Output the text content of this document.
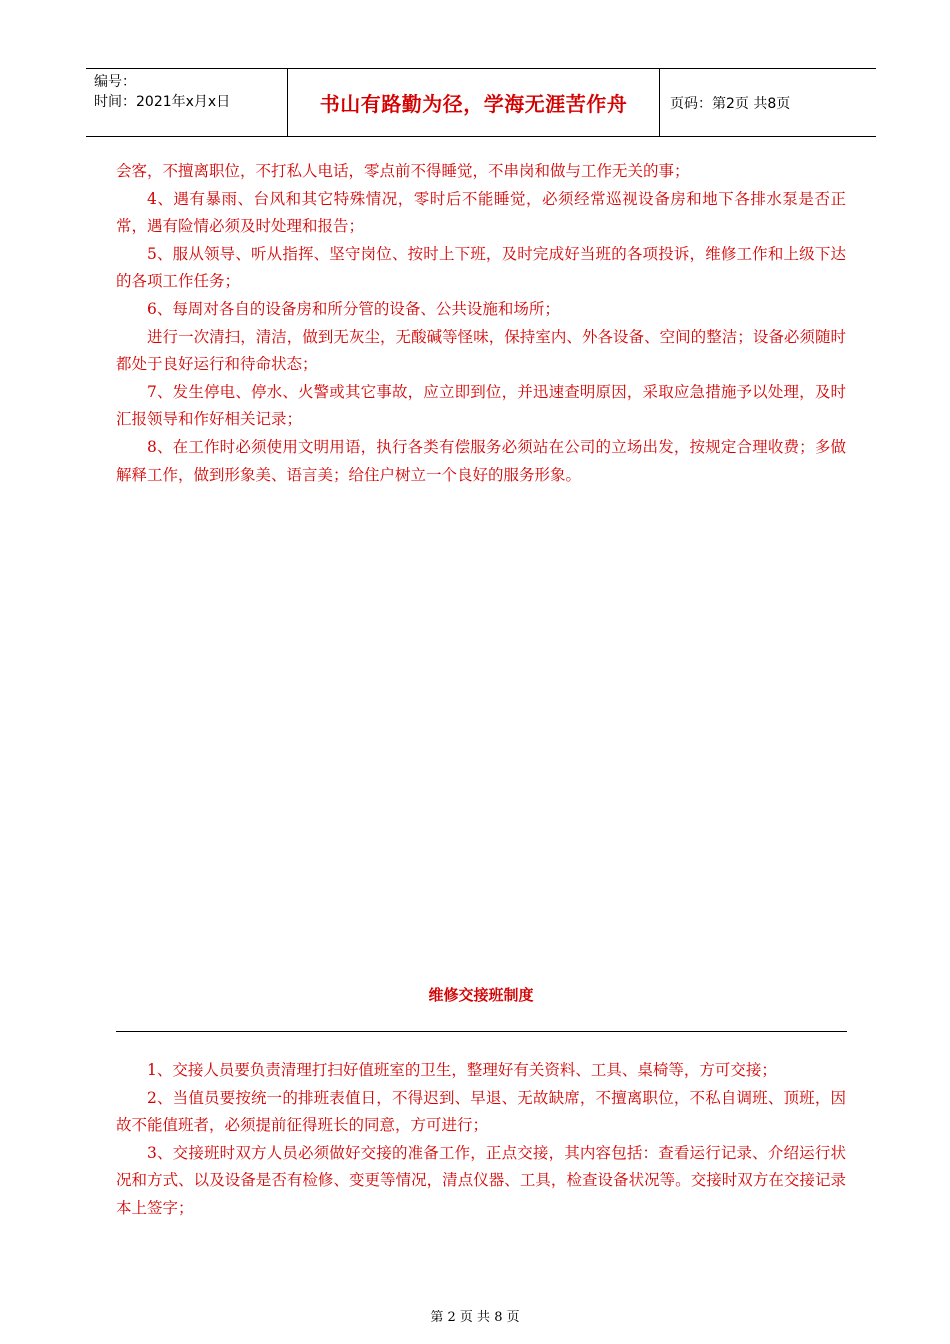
编号：
时间：2021年x月x日	书山有路勤为径，学海无涯苦作舟	页码：第2页 共8页

会客，不擅离职位，不打私人电话，零点前不得睡觉，不串岗和做与工作无关的事；

4、遇有暴雨、台风和其它特殊情况，零时后不能睡觉，必须经常巡视设备房和地下各排水泵是否正常，遇有险情必须及时处理和报告；

5、服从领导、听从指挥、坚守岗位、按时上下班，及时完成好当班的各项投诉，维修工作和上级下达的各项工作任务；

6、每周对各自的设备房和所分管的设备、公共设施和场所；

进行一次清扫，清洁，做到无灰尘，无酸碱等怪味，保持室内、外各设备、空间的整洁；设备必须随时都处于良好运行和待命状态；

7、发生停电、停水、火警或其它事故，应立即到位，并迅速查明原因，采取应急措施予以处理，及时汇报领导和作好相关记录；

8、在工作时必须使用文明用语，执行各类有偿服务必须站在公司的立场出发，按规定合理收费；多做解释工作，做到形象美、语言美；给住户树立一个良好的服务形象。

维修交接班制度

1、交接人员要负责清理打扫好值班室的卫生，整理好有关资料、工具、桌椅等，方可交接；

2、当值员要按统一的排班表值日，不得迟到、早退、无故缺席，不擅离职位，不私自调班、顶班，因故不能值班者，必须提前征得班长的同意，方可进行；

3、交接班时双方人员必须做好交接的准备工作，正点交接，其内容包括：查看运行记录、介绍运行状况和方式、以及设备是否有检修、变更等情况，清点仪器、工具，检查设备状况等。交接时双方在交接记录本上签字；

第 2 页 共 8 页
